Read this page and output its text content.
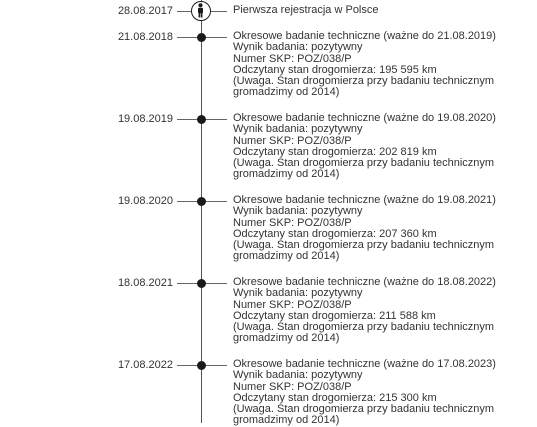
28.08.2017	Pierwsza rejestracja w Polsce
21.08.2018	Okresowe badanie techniczne (ważne do 21.08.2019)
Wynik badania: pozytywny
Numer SKP: POZ/038/P
Odczytany stan drogomierza: 195 595 km
(Uwaga. Stan drogomierza przy badaniu technicznym
gromadzimy od 2014)
19.08.2019	Okresowe badanie techniczne (ważne do 19.08.2020)
Wynik badania: pozytywny
Numer SKP: POZ/038/P
Odczytany stan drogomierza: 202 819 km
(Uwaga. Stan drogomierza przy badaniu technicznym
gromadzimy od 2014)
19.08.2020	Okresowe badanie techniczne (ważne do 19.08.2021)
Wynik badania: pozytywny
Numer SKP: POZ/038/P
Odczytany stan drogomierza: 207 360 km
(Uwaga. Stan drogomierza przy badaniu technicznym
gromadzimy od 2014)
18.08.2021	Okresowe badanie techniczne (ważne do 18.08.2022)
Wynik badania: pozytywny
Numer SKP: POZ/038/P
Odczytany stan drogomierza: 211 588 km
(Uwaga. Stan drogomierza przy badaniu technicznym
gromadzimy od 2014)
17.08.2022	Okresowe badanie techniczne (ważne do 17.08.2023)
Wynik badania: pozytywny
Numer SKP: POZ/038/P
Odczytany stan drogomierza: 215 300 km
(Uwaga. Stan drogomierza przy badaniu technicznym
gromadzimy od 2014)
